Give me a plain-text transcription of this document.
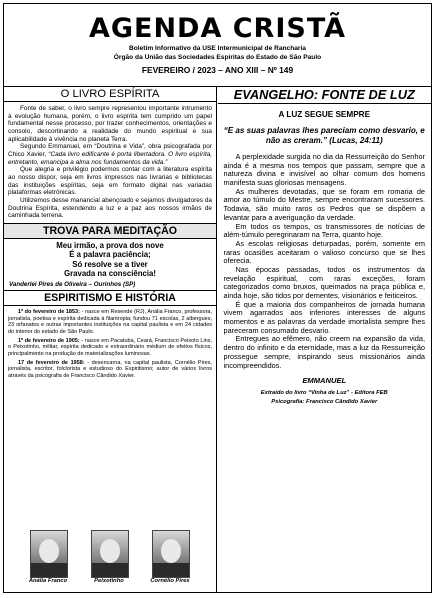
AGENDA CRISTÃ
Boletim Informativo da USE Intermunicipal de Rancharia
Órgão da União das Sociedades Espíritas do Estado de São Paulo
FEVEREIRO / 2023 – ANO XIII – Nº 149
O LIVRO ESPÍRITA

Fonte de saber, o livro sempre representou importante intrumento à evolução humana, porém, o livro espírita tem cumprido um papel fundamental nesse processo, por trazer conhecimentos, orientações e consolo, descortinando a realidade do mundo espiritual e sua aplicabilidade à vivência no planeta Terra.

Segundo Emmanuel, em “Doutrina e Vida”, obra psicografada por Chico Xavier, “Cada livro edificante é porta libertadora. O livro espírita, entretanto, emancipa a alma nos fundamentos da vida.”

Que alegria e privilégio podermos contar com a literatura espírita ao nosso dispor, seja em livros impressos nas livrarias e bibliotecas das instituições espíritas, seja em formato digital nas variadas plataformas eletrônicas.

Utilizemos desse manancial abençoado e sejamos divulgadores da Doutrina Espírita, estendendo a luz e a paz aos nossos irmãos de caminhada terrena.

TROVA PARA MEDITAÇÃO
Meu irmão, a prova dos nove
É a palavra paciência;
Só resolve se a tiver
Gravada na consciência!
Vanderlei Pires de Oliveira – Ourinhos (SP)
ESPIRITISMO E HISTÓRIA

1º do fevereiro de 1853: - nasce em Resende (RJ), Anália Franco, professora, jornalista, poetisa e espírita dedicada à filantropia; fundou 71 escolas, 2 albergues, 23 orfanatos e outras importantes instituições na capital paulista e em 24 cidades do interior do estado de São Paulo.

1º de fevereiro de 1905: - nasce em Pacatuba, Ceará, Francisco Peixoto Lins, o Peixotinho, militar, espírita dedicado e extraordinário médium de efeitos físicos, principalmente na produção de materializações luminosas.

17 de fevereiro de 1958: - desencarna, na capital paulista, Cornélio Pires, jornalista, escritor, folclorista e estudioso do Espiritismo; autor de vários livros através da psicografia de Francisco Cândido Xavier.

Anália Franco	Peixotinho	Cornélio Pires
EVANGELHO: FONTE DE LUZ
A LUZ SEGUE SEMPRE
“E as suas palavras lhes pareciam como desvario, e não as creram.” (Lucas, 24:11)

A perplexidade surgida no dia da Ressurreição do Senhor ainda é a mesma nos tempos que passam, sempre que a natureza divina e invisível ao olhar comum dos homens manifesta suas gloriosas mensagens.

As mulheres devotadas, que se foram em romaria de amor ao túmulo do Mestre, sempre encontraram sucessores. Todavia, são muito raros os Pedros que se dispõem a levantar para a averiguação da verdade.

Em todos os tempos, os transmissores de notícias de além-túmulo peregrinaram na Terra, quanto hoje.

As escolas religiosas deturpadas, porém, somente em raras ocasiões aceitaram o valioso concurso que se lhes oferecia.

Nas épocas passadas, todos os instrumentos da revelação espiritual, com raras exceções, foram categorizados como bruxos, queimados na praça pública e, ainda hoje, são tidos por dementes, visionários e feiticeiros.

É que a maioria dos companheiros de jornada humana vivem agarrados aos inferiores interesses de alguns momentos e as palavras da verdade imortalista sempre lhes pareceram consumado desvario.

Entregues ao efêmero, não creem na expansão da vida, dentro do infinito e da eternidade, mas a luz da Ressurreição prossegue sempre, inspirando seus missionários ainda incompreendidos.

EMMANUEL
Extraído do livro “Vinha de Luz” - Editora FEB
Psicografia: Francisco Cândido Xavier
